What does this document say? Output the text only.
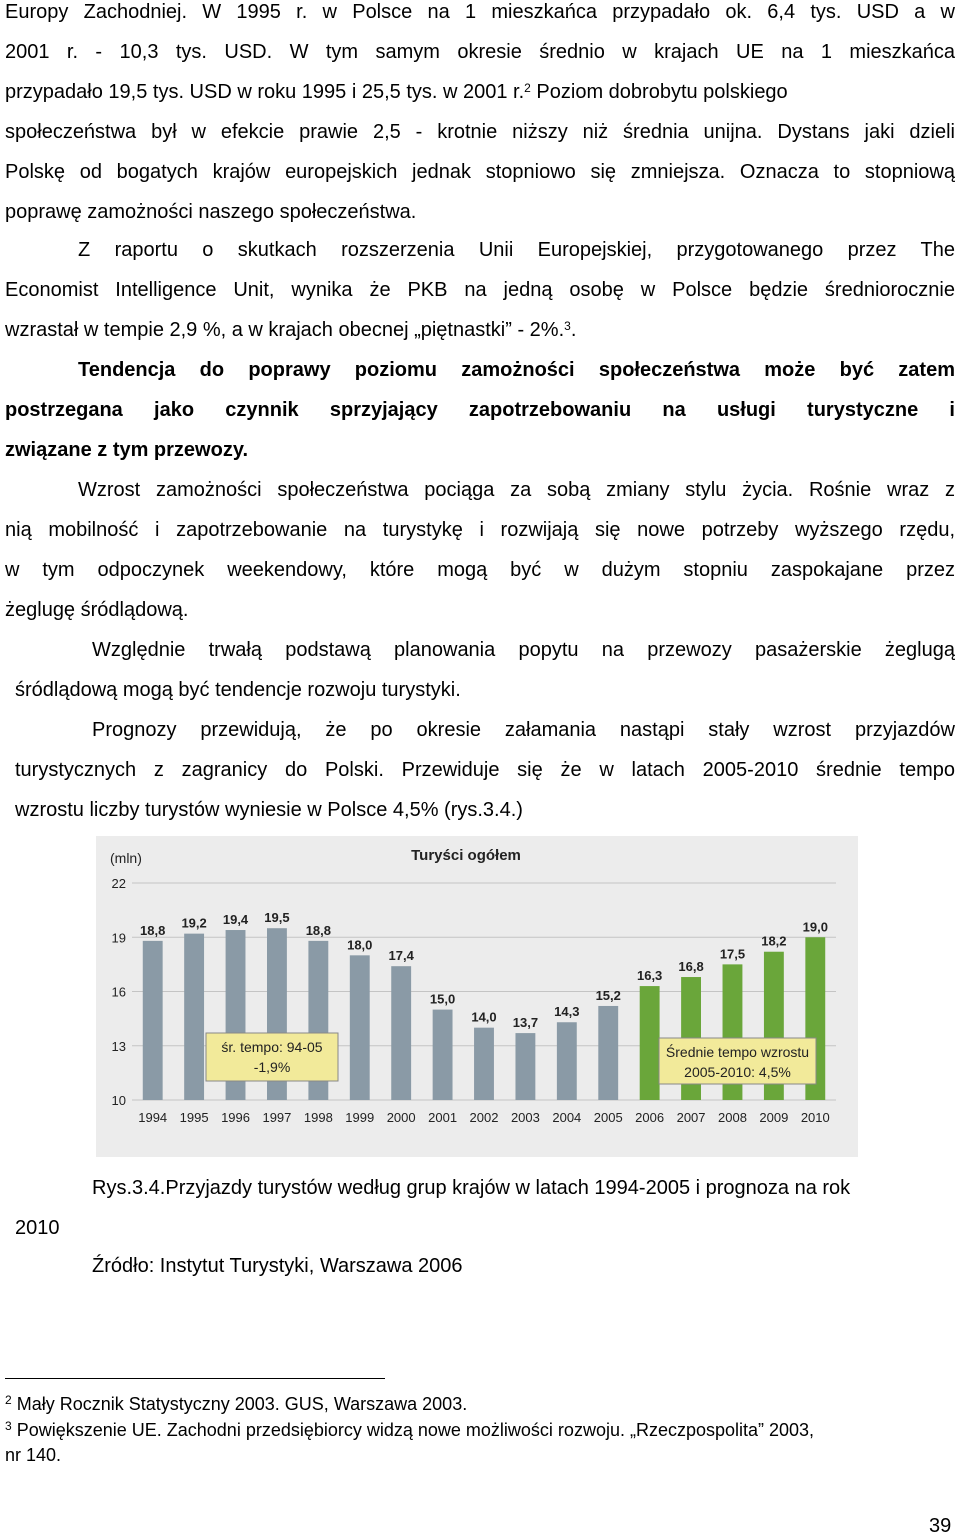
Europy Zachodniej. W 1995 r. w Polsce na 1 mieszkańca przypadało ok. 6,4 tys. USD a w
2001 r. - 10,3 tys. USD. W tym samym okresie średnio w krajach UE na 1 mieszkańca
przypadało 19,5 tys. USD w roku 1995 i 25,5 tys. w 2001 r.$^2$ Poziom dobrobytu polskiego
społeczeństwa był w efekcie prawie 2,5 - krotnie niższy niż średnia unijna. Dystans jaki dzieli
Polskę od bogatych krajów europejskich jednak stopniowo się zmniejsza. Oznacza to stopniową
poprawę zamożności naszego społeczeństwa.
Z raportu o skutkach rozszerzenia Unii Europejskiej, przygotowanego przez The
Economist Intelligence Unit, wynika że PKB na jedną osobę w Polsce będzie średniorocznie
wzrastał w tempie 2,9 %, a w krajach obecnej „piętnastki” - 2%.$^3$.
Tendencja do poprawy poziomu zamożności społeczeństwa może być zatem
postrzegana jako czynnik sprzyjający zapotrzebowaniu na usługi turystyczne i
związane z tym przewozy.
Wzrost zamożności społeczeństwa pociąga za sobą zmiany stylu życia. Rośnie wraz z
nią mobilność i zapotrzebowanie na turystykę i rozwijają się nowe potrzeby wyższego rzędu,
w tym odpoczynek weekendowy, które mogą być w dużym stopniu zaspokajane przez
żeglugę śródlądową.
Względnie trwałą podstawą planowania popytu na przewozy pasażerskie żeglugą
śródlądową mogą być tendencje rozwoju turystyki.
Prognozy przewidują, że po okresie załamania nastąpi stały wzrost przyjazdów
turystycznych z zagranicy do Polski. Przewiduje się że w latach 2005-2010 średnie tempo
wzrostu liczby turystów wyniesie w Polsce 4,5% (rys.3.4.)
18,8 19,2 19,4 19,5
18,8
18,0
17,4
15,0
14,0 13,7
14,3
15,2
16,3
16,8
17,5
18,2
19,0
22
19
16
13
10
1994 1995 1996 1997 1998 1999 2000 2001 2002 2003 2004 2005 2006 2007 2008 2009 2010
(mln)	Turyści ogółem
śr. tempo: 94-05
-1,9%
Średnie tempo wzrostu
2005-2010: 4,5%
Rys.3.4.Przyjazdy turystów według grup krajów w latach 1994-2005 i prognoza na rok
2010
Źródło: Instytut Turystyki, Warszawa 2006
$^2$ Mały Rocznik Statystyczny 2003. GUS, Warszawa 2003.
$^3$ Powiększenie UE. Zachodni przedsiębiorcy widzą nowe możliwości rozwoju. „Rzeczpospolita” 2003,
nr 140.
39
